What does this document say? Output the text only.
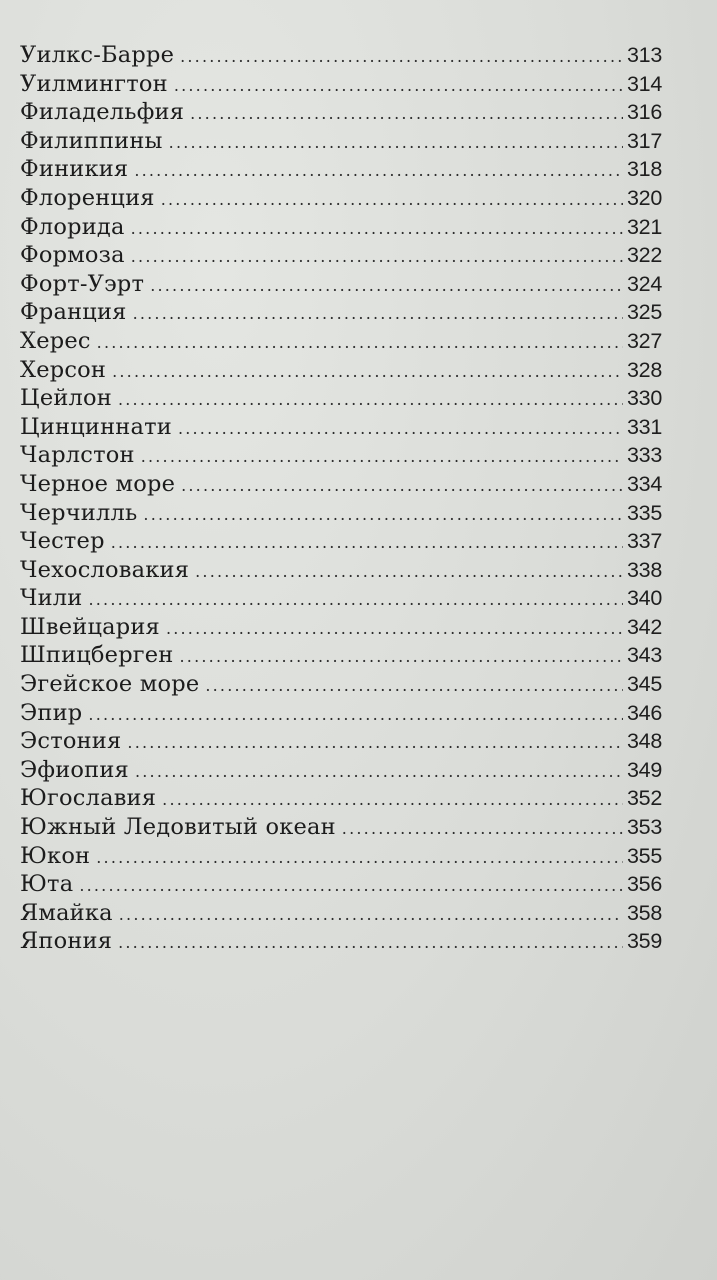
Уилкс-Барре .....	313
Уилмингтон .....	314
Филадельфия .....	316
Филиппины .....	317
Финикия .....	318
Флоренция .....	320
Флорида .....	321
Формоза .....	322
Форт-Уэрт .....	324
Франция .....	325
Херес .....	327
Херсон .....	328
Цейлон .....	330
Цинциннати .....	331
Чарлстон .....	333
Черное море .....	334
Черчилль .....	335
Честер .....	337
Чехословакия .....	338
Чили .....	340
Швейцария .....	342
Шпицберген .....	343
Эгейское море .....	345
Эпир .....	346
Эстония .....	348
Эфиопия .....	349
Югославия .....	352
Южный Ледовитый океан .....	353
Юкон .....	355
Юта .....	356
Ямайка .....	358
Япония .....	359
